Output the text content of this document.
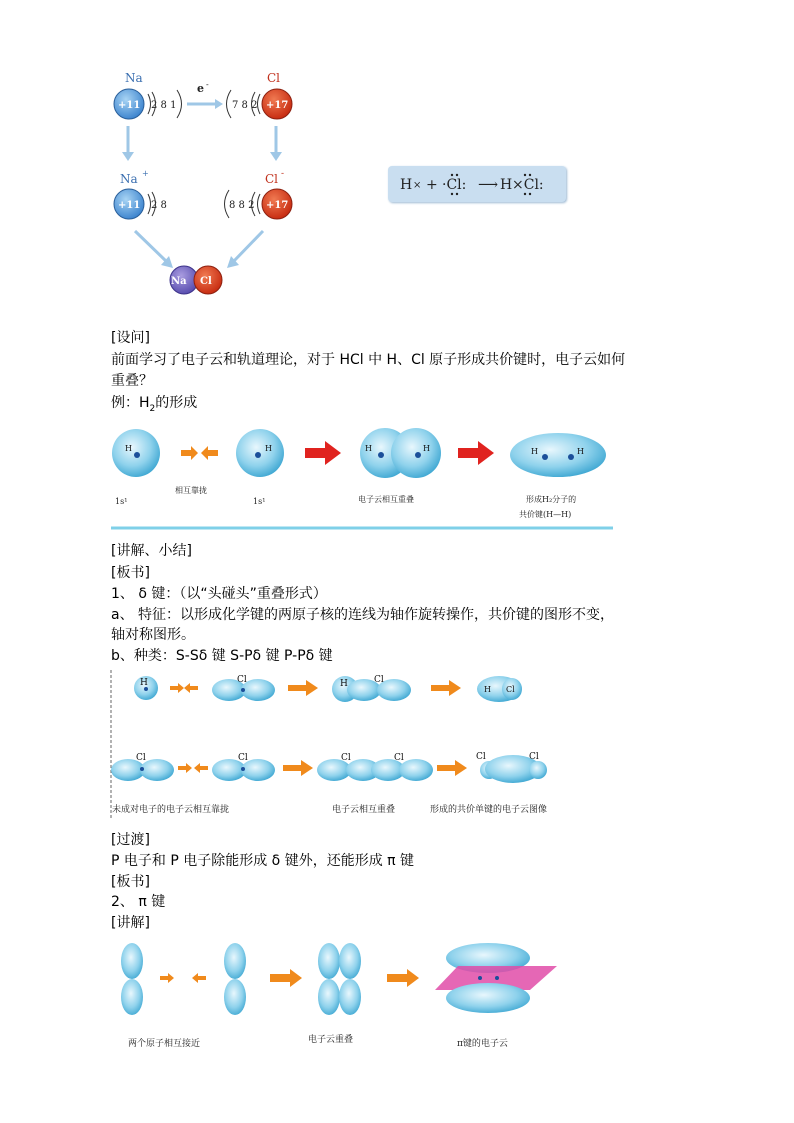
Na
+11 2 8 1
e -	Cl
7 8 2 +17
Na +
+11 2 8
Cl -
8 8 2 +17
Na Cl
H × + ·Cl: ⟶ H ×Cl:
[设问]
前面学习了电子云和轨道理论，对于 HCl 中 H、Cl 原子形成共价键时，电子云如何
重叠？
例：$H_2$的形成
H	H	H	H	H	H
1s¹
相互靠拢
1s¹	电子云相互重叠	形成H₂分子的
共价键(H—H)
[讲解、小结]
[板书]
1、 δ 键：（以“头碰头”重叠形式）
a、 特征：以形成化学键的两原子核的连线为轴作旋转操作，共价键的图形不变，
轴对称图形。
b、种类：S-Sδ 键 S-Pδ 键 P-Pδ 键
H	Cl	H	Cl
H Cl
Cl	Cl	Cl	Cl	Cl	Cl
未成对电子的电子云相互靠拢	电子云相互重叠	形成的共价单键的电子云图像
[过渡]
P 电子和 P 电子除能形成 δ 键外，还能形成 π 键
[板书]
2、 π 键
[讲解]
两个原子相互接近	电子云重叠	π键的电子云
